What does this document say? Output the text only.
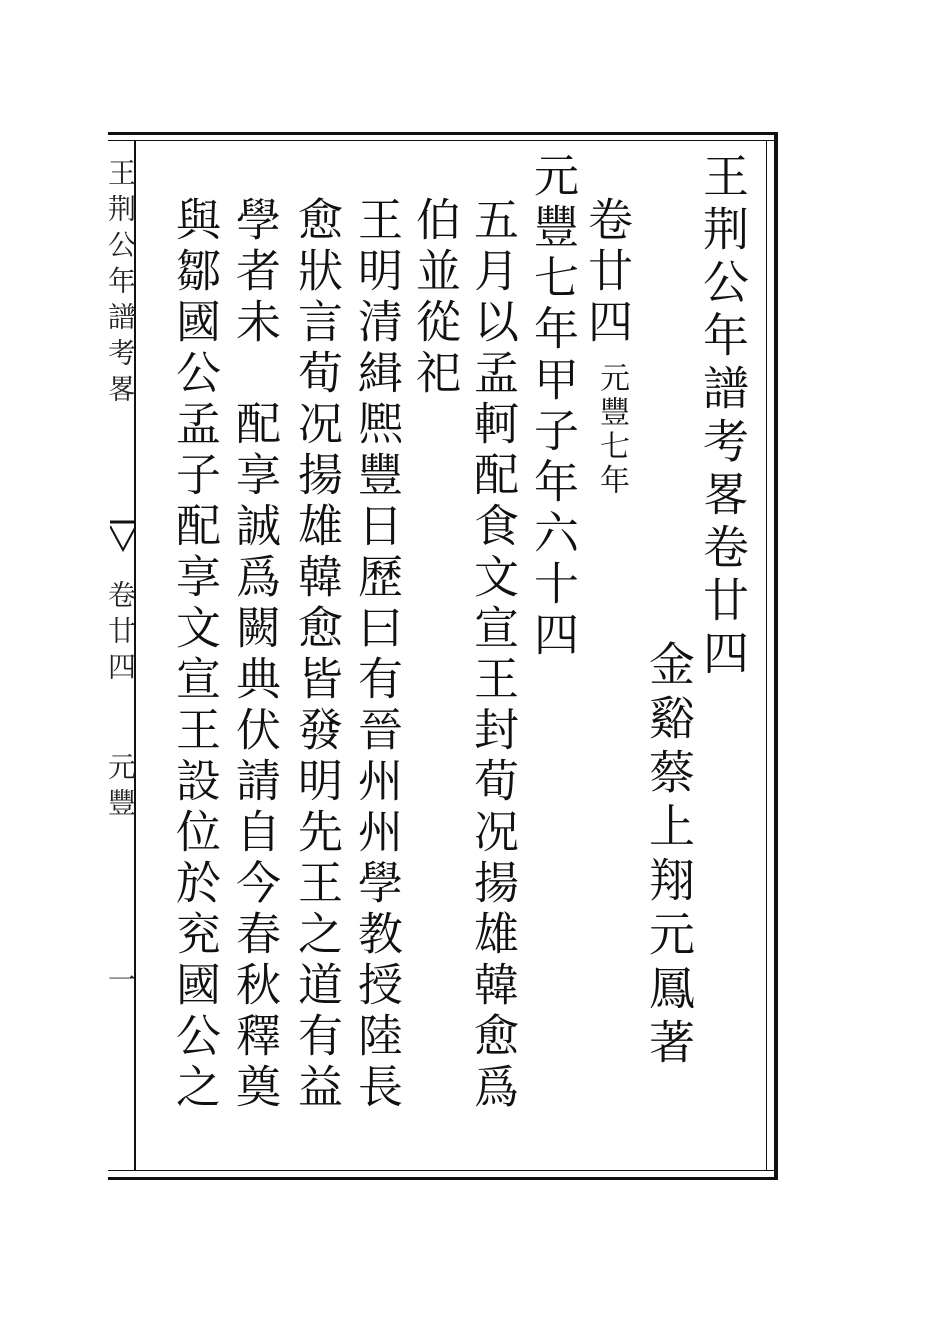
王荆公年譜考畧
卷廿四
元豐
一
王荆公年譜考畧卷廿四
金谿蔡上翔元鳳著
卷廿四
元豐七年
元豐七年甲子年六十四
五月以孟軻配食文宣王封荀况揚雄韓愈爲
伯並從祀
王明清緝熈豐日歷曰有晉州州學教授陸長
愈狀言荀况揚雄韓愈皆發明先王之道有益
學者未　配享誠爲闕典伏請自今春秋釋奠
與鄒國公孟子配享文宣王設位於兖國公之
